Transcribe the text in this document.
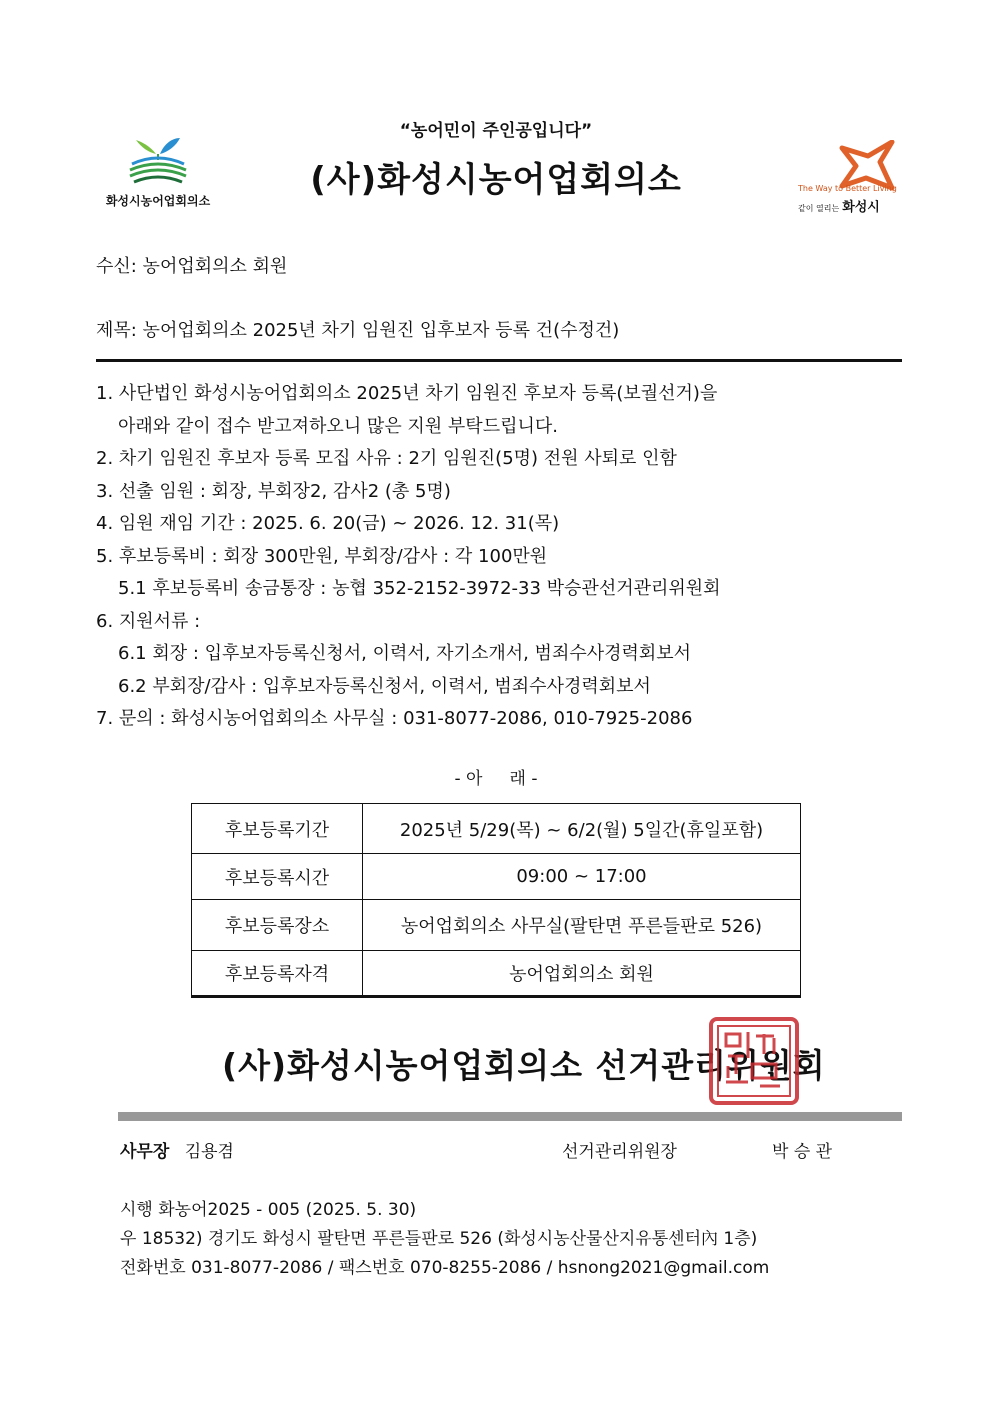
화성시농어업회의소
“농어민이 주인공입니다”
(사)화성시농어업회의소	The Way to Better Living
같이 열리는 화성시
수신: 농어업회의소 회원
제목: 농어업회의소 2025년 차기 임원진 입후보자 등록 건(수정건)
1. 사단법인 화성시농어업회의소 2025년 차기 임원진 후보자 등록(보궐선거)을
아래와 같이 접수 받고져하오니 많은 지원 부탁드립니다.
2. 차기 임원진 후보자 등록 모집 사유 : 2기 임원진(5명) 전원 사퇴로 인함
3. 선출 임원 : 회장, 부회장2, 감사2 (총 5명)
4. 임원 재임 기간 : 2025. 6. 20(금) ~ 2026. 12. 31(목)
5. 후보등록비 : 회장 300만원, 부회장/감사 : 각 100만원
5.1 후보등록비 송금통장 : 농협 352-2152-3972-33 박승관선거관리위원회
6. 지원서류 :
6.1 회장 : 입후보자등록신청서, 이력서, 자기소개서, 범죄수사경력회보서
6.2 부회장/감사 : 입후보자등록신청서, 이력서, 범죄수사경력회보서
7. 문의 : 화성시농어업회의소 사무실 : 031-8077-2086, 010-7925-2086
- 아     래 -
후보등록기간	2025년 5/29(목) ~ 6/2(월) 5일간(휴일포함)
후보등록시간	09:00 ~ 17:00
후보등록장소	농어업회의소 사무실(팔탄면 푸른들판로 526)
후보등록자격	농어업회의소 회원
(사)화성시농어업회의소 선거관리위원회
사무장 김용겸	선거관리위원장	박 승 관
시행 화농어2025 - 005 (2025. 5. 30)
우 18532) 경기도 화성시 팔탄면 푸른들판로 526 (화성시농산물산지유통센터內 1층)
전화번호 031-8077-2086 / 팩스번호 070-8255-2086 / hsnong2021@gmail.com
